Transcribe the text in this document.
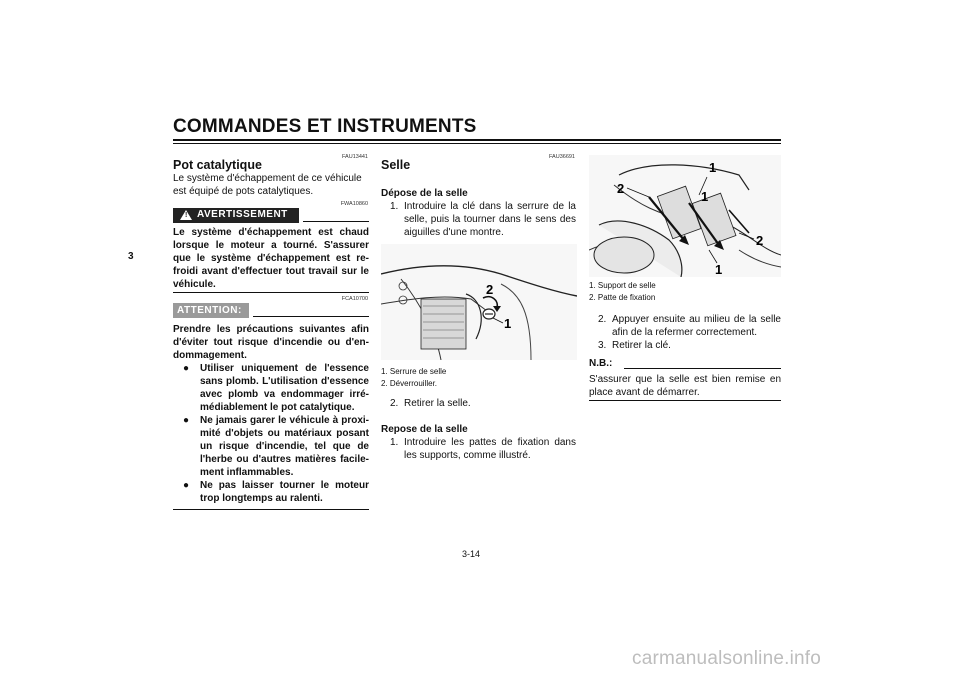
COMMANDES ET INSTRUMENTS
3
FAU13441
Pot catalytique
Le système d'échappement de ce véhicule
est équipé de pots catalytiques.
FWA10860
! AVERTISSEMENT
Le système d'échappement est chaud
lorsque le moteur a tourné. S'assurer
que le système d'échappement est re-
froidi avant d'effectuer tout travail sur le
véhicule.
FCA10700
ATTENTION:
Prendre les précautions suivantes afin
d'éviter tout risque d'incendie ou d'en-
dommagement.
● Utiliser uniquement de l'essence
sans plomb. L'utilisation d'essence
avec plomb va endommager irré-
médiablement le pot catalytique.
● Ne jamais garer le véhicule à proxi-
mité d'objets ou matériaux posant
un risque d'incendie, tel que de
l'herbe ou d'autres matières facile-
ment inflammables.
● Ne pas laisser tourner le moteur
trop longtemps au ralenti.
FAU36691
Selle
Dépose de la selle
1. Introduire la clé dans la serrure de la
selle, puis la tourner dans le sens des
aiguilles d'une montre.
2
1
1. Serrure de selle
2. Déverrouiller.
2. Retirer la selle.
Repose de la selle
1. Introduire les pattes de fixation dans
les supports, comme illustré.
1
2
1
2
1
1. Support de selle
2. Patte de fixation
2. Appuyer ensuite au milieu de la selle
afin de la refermer correctement.
3. Retirer la clé.
N.B.:
S'assurer que la selle est bien remise en
place avant de démarrer.
3-14
carmanualsonline.info
